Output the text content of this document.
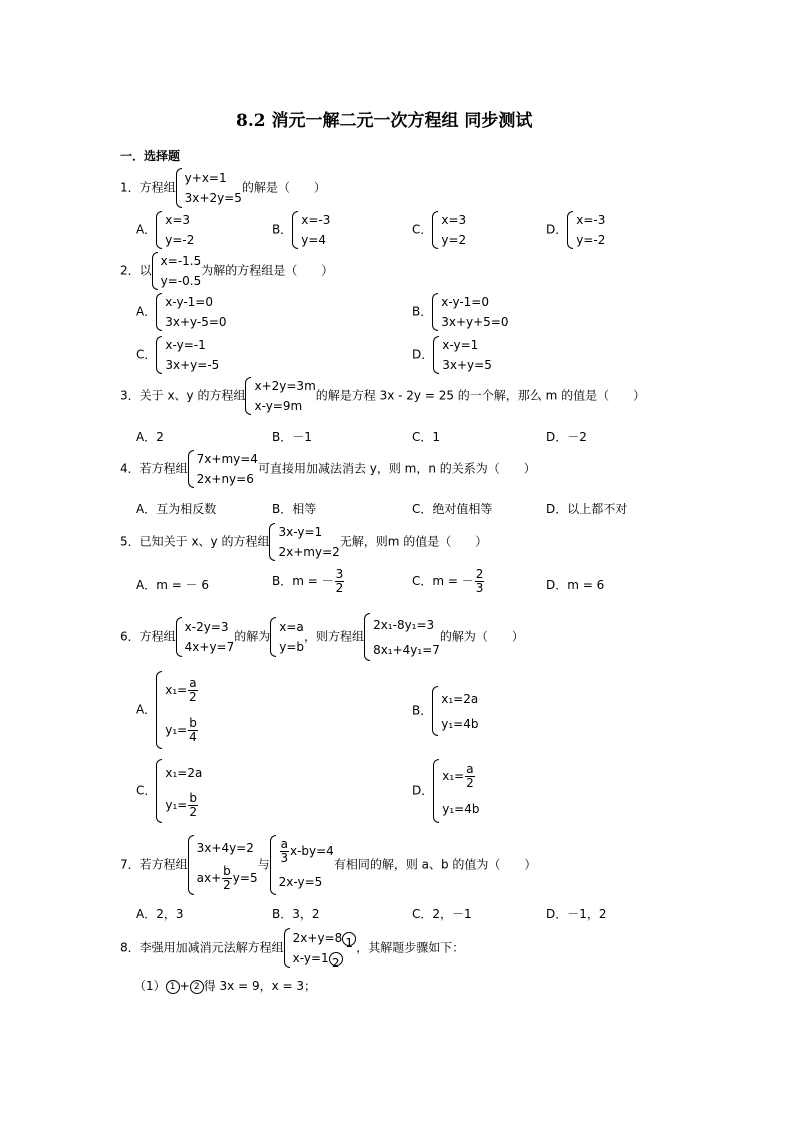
8.2 消元一解二元一次方程组 同步测试
一．选择题
1．方程组
y+x=1
3x+2y=5
的解是（　　）
A．
x=3
y=-2
B．
x=-3
y=4
C．
x=3
y=2
D．
x=-3
y=-2
2．以
x=-1.5
y=-0.5
为解的方程组是（　　）
A．
x-y-1=0
3x+y-5=0
B．
x-y-1=0
3x+y+5=0
C．
x-y=-1
3x+y=-5
D．
x-y=1
3x+y=5
3．关于 x、y 的方程组
x+2y=3m
x-y=9m
的解是方程 3x - 2y = 25 的一个解，那么 m 的值是（　　）
A．2	B．－1	C．1	D．－2
4．若方程组
7x+my=4
2x+ny=6
可直接用加减法消去 y，则 m，n 的关系为（　　）
A．互为相反数	B．相等	C．绝对值相等	D．以上都不对
5．已知关于 x、y 的方程组
3x-y=1
2x+my=2
无解，则m 的值是（　　）
A．m = － 6	B．m = － $\frac{3}{2}$	C．m = － $\frac{2}{3}$	D．m = 6
6．方程组
x-2y=3
4x+y=7
的解为
x=a
y=b
，则方程组
2x₁-8y₁=3
8x₁+4y₁=7
的解为（　　）
A．
$x_1= \frac{a}{2}$
$y_1= \frac{b}{4}$
B．
x₁=2a
y₁=4b
C．
x₁=2a
$y_1= \frac{b}{2}$
D．
$x_1= \frac{a}{2}$
y₁=4b
7．若方程组
3x+4y=2
$ax+ \frac{b}{2} y=5$
与 $\frac{a}{3} x-by=4$
2x-y=5
有相同的解，则 a、b 的值为（　　）
A．2，3	B．3，2	C．2，－1	D．－1，2
8．李强用加减消元法解方程组
2x+y=8 1
x-y=1 2
，其解题步骤如下：
（1） 1 + 2 得 3x = 9，x = 3；
